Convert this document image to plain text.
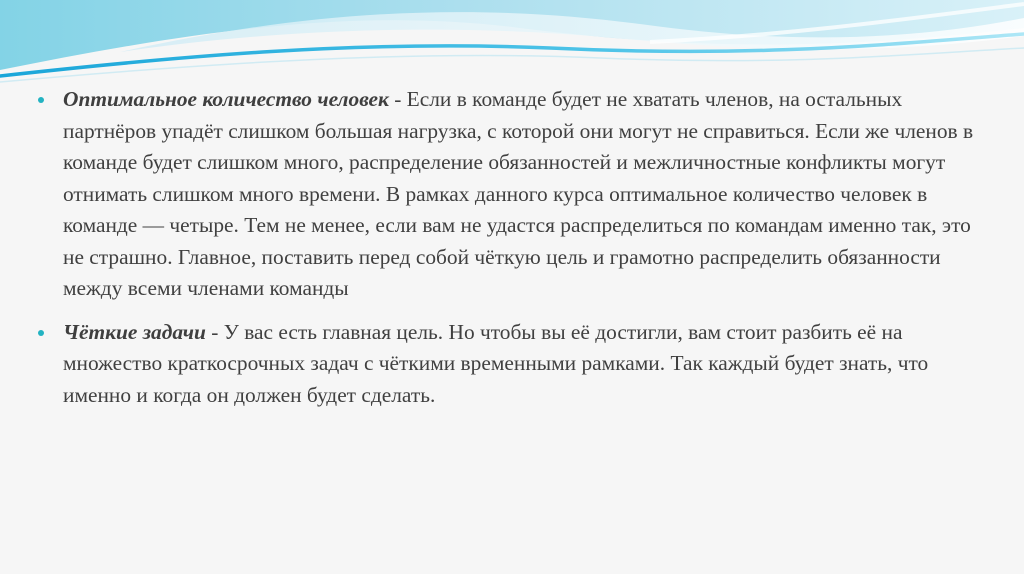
Оптимальное количество человек - Если в команде будет не хватать членов, на остальных партнёров упадёт слишком большая нагрузка, с которой они могут не справиться. Если же членов в команде будет слишком много, распределение обязанностей и межличностные конфликты могут отнимать слишком много времени. В рамках данного курса оптимальное количество человек в команде — четыре. Тем не менее, если вам не удастся распределиться по командам именно так, это не страшно. Главное, поставить перед собой чёткую цель и грамотно распределить обязанности между всеми членами команды

Чёткие задачи - У вас есть главная цель. Но чтобы вы её достигли, вам стоит разбить её на множество краткосрочных задач с чёткими временными рамками. Так каждый будет знать, что именно и когда он должен будет сделать.
